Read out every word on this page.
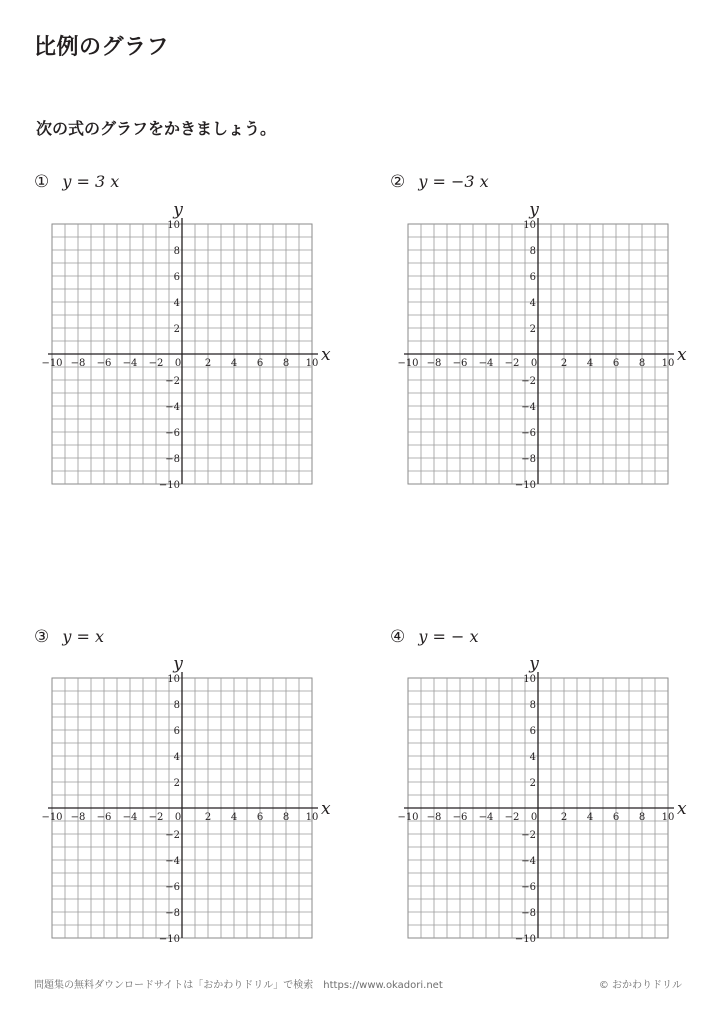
比例のグラフ
次の式のグラフをかきましょう。
① y = 3 x	② y = −3 x
③ y = x	④ y = − x
−10 −8 −6 −4 −2 0 2 4 6 8 10
10
8
6
4
2
−2
−4
−6
−8
−10
x
y
−10 −8 −6 −4 −2 0 2 4 6 8 10
10
8
6
4
2
−2
−4
−6
−8
−10
x
y
−10 −8 −6 −4 −2 0 2 4 6 8 10
10
8
6
4
2
−2
−4
−6
−8
−10
x
y
−10 −8 −6 −4 −2 0 2 4 6 8 10
10
8
6
4
2
−2
−4
−6
−8
−10
x
y
問題集の無料ダウンロードサイトは「おかわりドリル」で検索　https://www.okadori.net	© おかわりドリル
